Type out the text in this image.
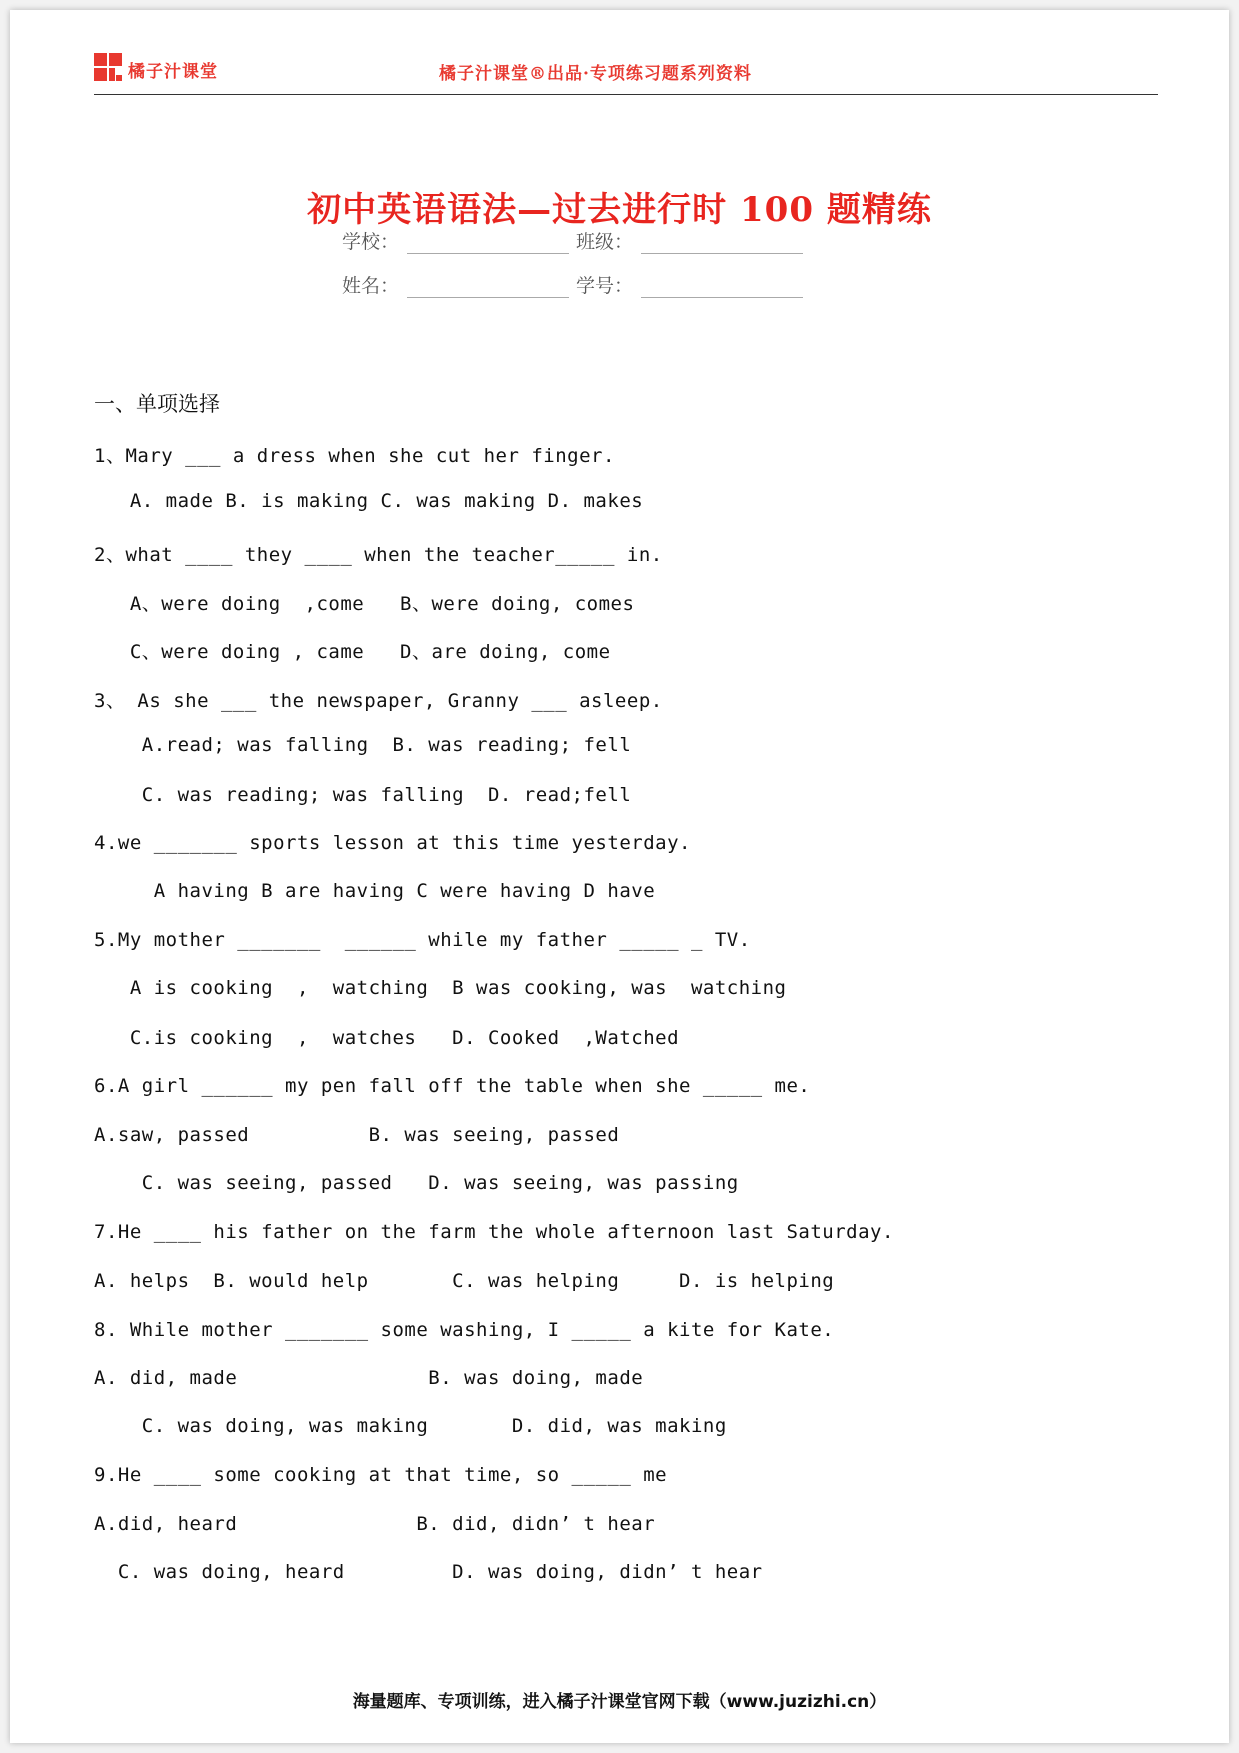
橘子汁课堂	橘子汁课堂®出品·专项练习题系列资料
初中英语语法—过去进行时 100 题精练
学校：	班级：
姓名：	学号：
一、单项选择
1、Mary ___ a dress when she cut her finger.
A. made B. is making C. was making D. makes
2、what ____ they ____ when the teacher_____ in.
A、were doing  ,come   B、were doing, comes
C、were doing , came   D、are doing, come
3、 As she ___ the newspaper, Granny ___ asleep.
A.read; was falling  B. was reading; fell
C. was reading; was falling  D. read;fell
4.we _______ sports lesson at this time yesterday.
A having B are having C were having D have
5.My mother _______  ______ while my father _____ _ TV.
A is cooking  ,  watching  B was cooking, was  watching
C.is cooking  ,  watches   D. Cooked  ,Watched
6.A girl ______ my pen fall off the table when she _____ me.
A.saw, passed          B. was seeing, passed
C. was seeing, passed   D. was seeing, was passing
7.He ____ his father on the farm the whole afternoon last Saturday.
A. helps  B. would help       C. was helping     D. is helping
8. While mother _______ some washing, I _____ a kite for Kate.
A. did, made                B. was doing, made
C. was doing, was making       D. did, was making
9.He ____ some cooking at that time, so _____ me
A.did, heard               B. did, didn’ t hear
C. was doing, heard         D. was doing, didn’ t hear
海量题库、专项训练，进入橘子汁课堂官网下载（www.juzizhi.cn）
